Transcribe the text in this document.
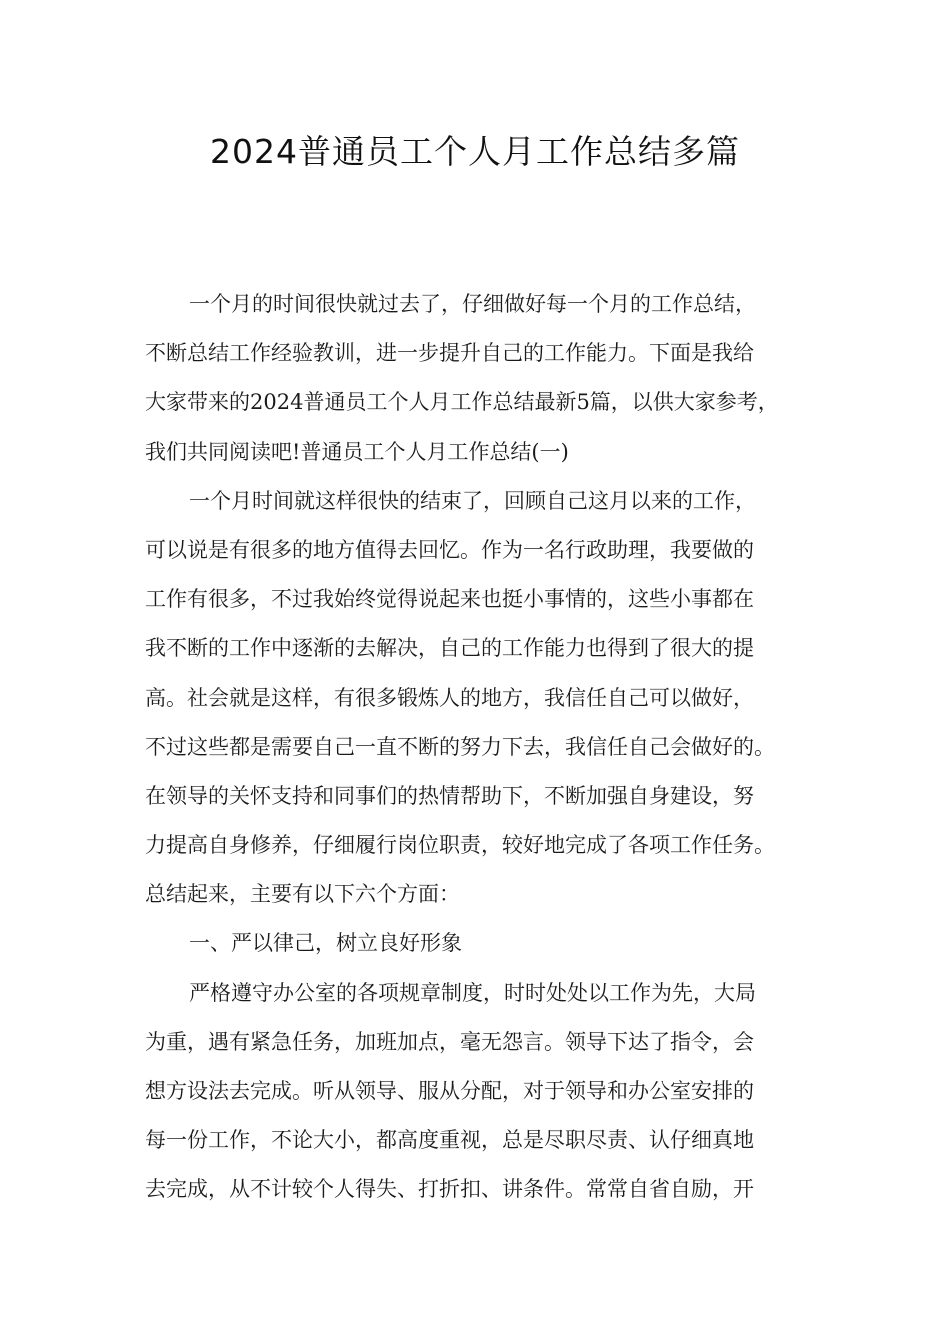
2024普通员工个人月工作总结多篇
一个月的时间很快就过去了，仔细做好每一个月的工作总结，
不断总结工作经验教训，进一步提升自己的工作能力。下面是我给
大家带来的2024普通员工个人月工作总结最新5篇，以供大家参考，
我们共同阅读吧!普通员工个人月工作总结(一)
一个月时间就这样很快的结束了，回顾自己这月以来的工作，
可以说是有很多的地方值得去回忆。作为一名行政助理，我要做的
工作有很多，不过我始终觉得说起来也挺小事情的，这些小事都在
我不断的工作中逐渐的去解决，自己的工作能力也得到了很大的提
高。社会就是这样，有很多锻炼人的地方，我信任自己可以做好，
不过这些都是需要自己一直不断的努力下去，我信任自己会做好的。
在领导的关怀支持和同事们的热情帮助下，不断加强自身建设，努
力提高自身修养，仔细履行岗位职责，较好地完成了各项工作任务。
总结起来，主要有以下六个方面：
一、严以律己，树立良好形象
严格遵守办公室的各项规章制度，时时处处以工作为先，大局
为重，遇有紧急任务，加班加点，毫无怨言。领导下达了指令，会
想方设法去完成。听从领导、服从分配，对于领导和办公室安排的
每一份工作，不论大小，都高度重视，总是尽职尽责、认仔细真地
去完成，从不计较个人得失、打折扣、讲条件。常常自省自励，开
